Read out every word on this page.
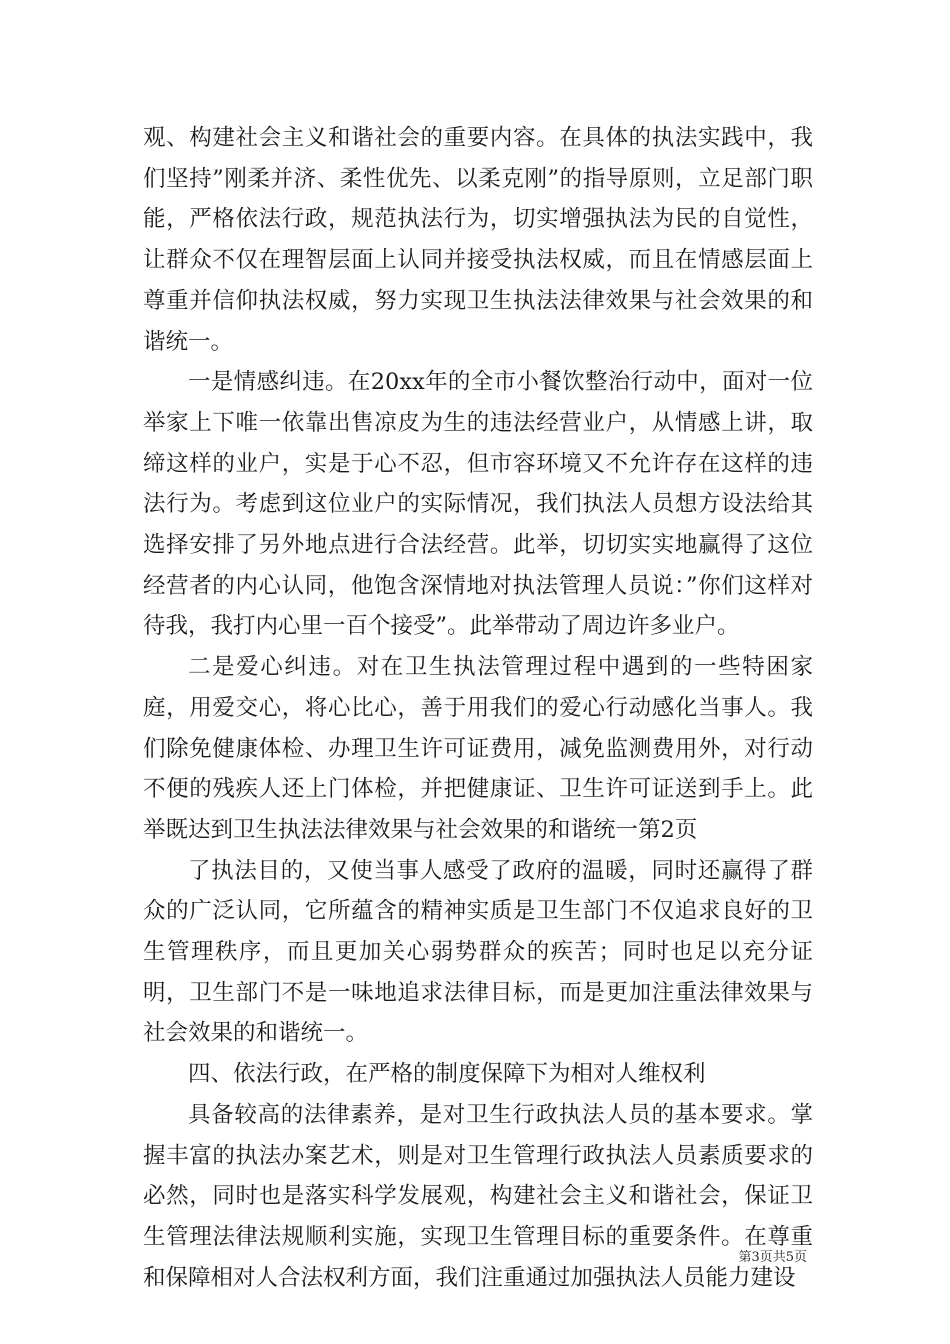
观、构建社会主义和谐社会的重要内容。在具体的执法实践中，我们坚持”刚柔并济、柔性优先、以柔克刚”的指导原则，立足部门职能，严格依法行政，规范执法行为，切实增强执法为民的自觉性，让群众不仅在理智层面上认同并接受执法权威，而且在情感层面上尊重并信仰执法权威，努力实现卫生执法法律效果与社会效果的和谐统一。

一是情感纠违。在20xx年的全市小餐饮整治行动中，面对一位举家上下唯一依靠出售凉皮为生的违法经营业户，从情感上讲，取缔这样的业户，实是于心不忍，但市容环境又不允许存在这样的违法行为。考虑到这位业户的实际情况，我们执法人员想方设法给其选择安排了另外地点进行合法经营。此举，切切实实地赢得了这位经营者的内心认同，他饱含深情地对执法管理人员说：”你们这样对待我，我打内心里一百个接受”。此举带动了周边许多业户。

二是爱心纠违。对在卫生执法管理过程中遇到的一些特困家庭，用爱交心，将心比心，善于用我们的爱心行动感化当事人。我们除免健康体检、办理卫生许可证费用，减免监测费用外，对行动不便的残疾人还上门体检，并把健康证、卫生许可证送到手上。此举既达到卫生执法法律效果与社会效果的和谐统一第2页

了执法目的，又使当事人感受了政府的温暖，同时还赢得了群众的广泛认同，它所蕴含的精神实质是卫生部门不仅追求良好的卫生管理秩序，而且更加关心弱势群众的疾苦；同时也足以充分证明，卫生部门不是一味地追求法律目标，而是更加注重法律效果与社会效果的和谐统一。

四、依法行政，在严格的制度保障下为相对人维权利

具备较高的法律素养，是对卫生行政执法人员的基本要求。掌握丰富的执法办案艺术，则是对卫生管理行政执法人员素质要求的必然，同时也是落实科学发展观，构建社会主义和谐社会，保证卫生管理法律法规顺利实施，实现卫生管理目标的重要条件。在尊重和保障相对人合法权利方面，我们注重通过加强执法人员能力建设

第3页共5页
